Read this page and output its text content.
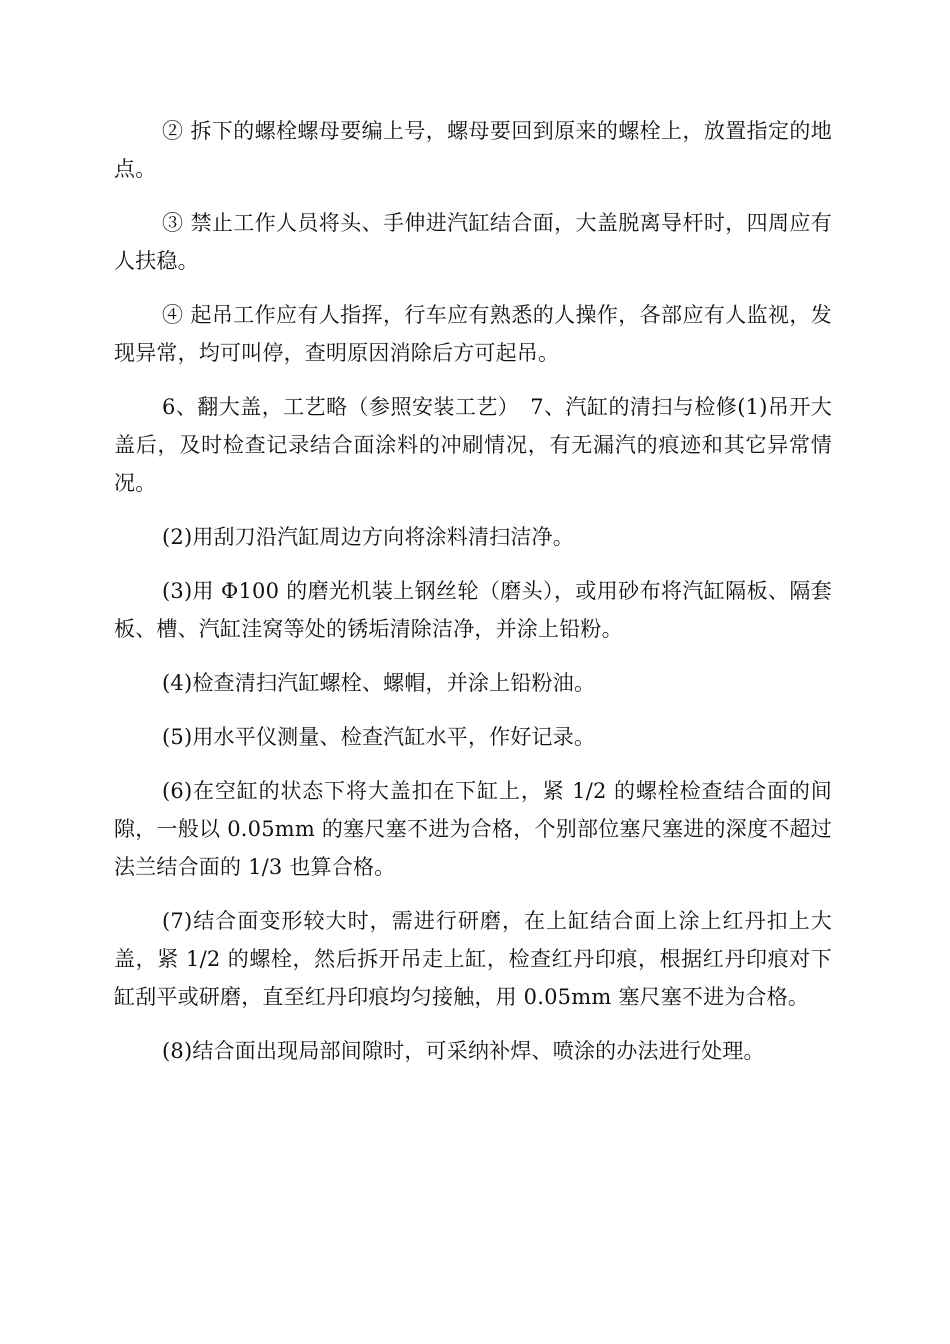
② 拆下的螺栓螺母要编上号，螺母要回到原来的螺栓上，放置指定的地点。

③ 禁止工作人员将头、手伸进汽缸结合面，大盖脱离导杆时，四周应有人扶稳。

④ 起吊工作应有人指挥，行车应有熟悉的人操作，各部应有人监视，发现异常，均可叫停，查明原因消除后方可起吊。

6、翻大盖，工艺略（参照安装工艺）　7、汽缸的清扫与检修(1)吊开大盖后，及时检查记录结合面涂料的冲刷情况，有无漏汽的痕迹和其它异常情况。

(2)用刮刀沿汽缸周边方向将涂料清扫洁净。

(3)用 Φ100 的磨光机装上钢丝轮（磨头），或用砂布将汽缸隔板、隔套板、槽、汽缸洼窝等处的锈垢清除洁净，并涂上铅粉。

(4)检查清扫汽缸螺栓、螺帽，并涂上铅粉油。

(5)用水平仪测量、检查汽缸水平，作好记录。

(6)在空缸的状态下将大盖扣在下缸上，紧 1/2 的螺栓检查结合面的间隙，一般以 0.05mm 的塞尺塞不进为合格，个别部位塞尺塞进的深度不超过法兰结合面的 1/3 也算合格。

(7)结合面变形较大时，需进行研磨，在上缸结合面上涂上红丹扣上大盖，紧 1/2 的螺栓，然后拆开吊走上缸，检查红丹印痕，根据红丹印痕对下缸刮平或研磨，直至红丹印痕均匀接触，用 0.05mm 塞尺塞不进为合格。

(8)结合面出现局部间隙时，可采纳补焊、喷涂的办法进行处理。
